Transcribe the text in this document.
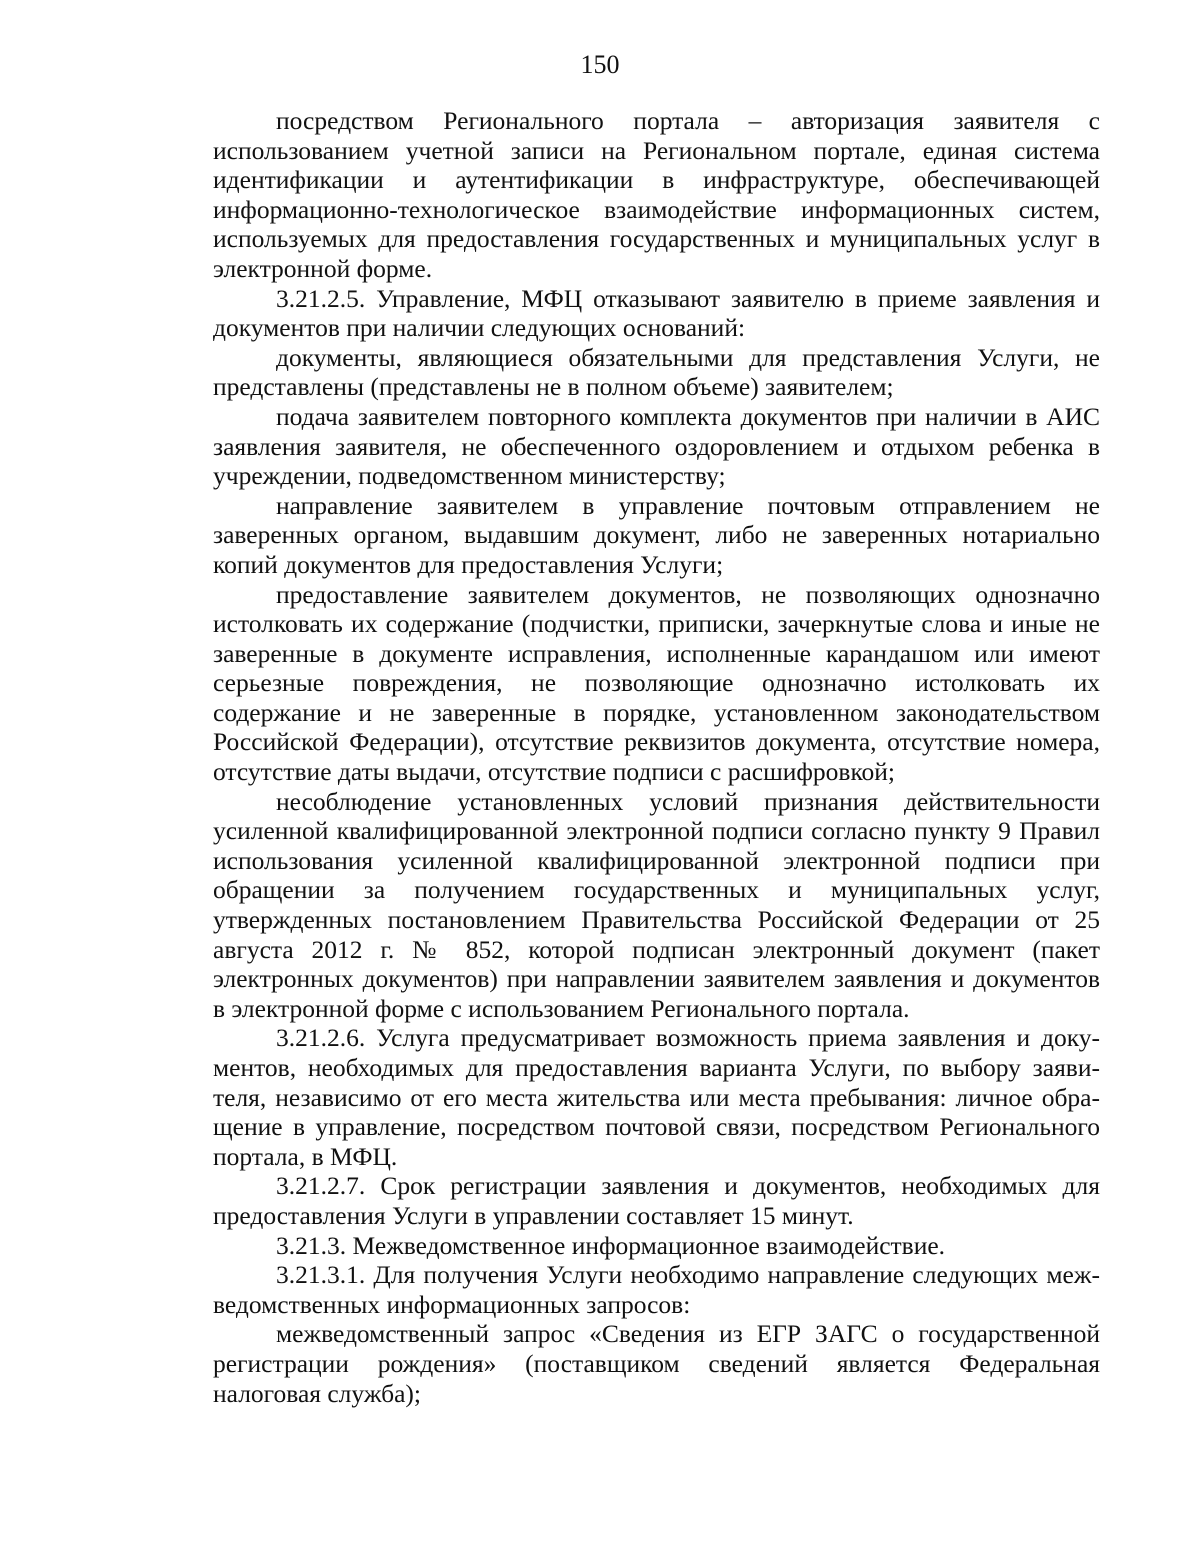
150

посредством Регионального портала – авторизация заявителя с использованием учетной записи на Региональном портале, единая система идентификации и аутентификации в инфраструктуре, обеспечивающей информационно-технологическое взаимодействие информационных систем, используемых для предоставления государственных и муниципальных услуг в электронной форме.

3.21.2.5. Управление, МФЦ отказывают заявителю в приеме заявления и документов при наличии следующих оснований:

документы, являющиеся обязательными для представления Услуги, не представлены (представлены не в полном объеме) заявителем;

подача заявителем повторного комплекта документов при наличии в АИС заявления заявителя, не обеспеченного оздоровлением и отдыхом ребенка в учреждении, подведомственном министерству;

направление заявителем в управление почтовым отправлением не заверенных органом, выдавшим документ, либо не заверенных нотариально копий документов для предоставления Услуги;

предоставление заявителем документов, не позволяющих однозначно истолковать их содержание (подчистки, приписки, зачеркнутые слова и иные не заверенные в документе исправления, исполненные карандашом или имеют серьезные повреждения, не позволяющие однозначно истолковать их содержание и не заверенные в порядке, установленном законодательством Российской Федерации), отсутствие реквизитов документа, отсутствие номера, отсутствие даты выдачи, отсутствие подписи с расшифровкой;

несоблюдение установленных условий признания действительности усиленной квалифицированной электронной подписи согласно пункту 9 Правил использования усиленной квалифицированной электронной подписи при обращении за получением государственных и муниципальных услуг, утвержденных постановлением Правительства Российской Федерации от 25 августа 2012 г. № 852, которой подписан электронный документ (пакет электронных документов) при направлении заявителем заявления и документов в электронной форме с использованием Регионального портала.

3.21.2.6. Услуга предусматривает возможность приема заявления и документов, необходимых для предоставления варианта Услуги, по выбору заявителя, независимо от его места жительства или места пребывания: личное обращение в управление, посредством почтовой связи, посредством Регионального портала, в МФЦ.

3.21.2.7. Срок регистрации заявления и документов, необходимых для предоставления Услуги в управлении составляет 15 минут.

3.21.3. Межведомственное информационное взаимодействие.

3.21.3.1. Для получения Услуги необходимо направление следующих межведомственных информационных запросов:

межведомственный запрос «Сведения из ЕГР ЗАГС о государственной регистрации рождения» (поставщиком сведений является Федеральная налоговая служба);
